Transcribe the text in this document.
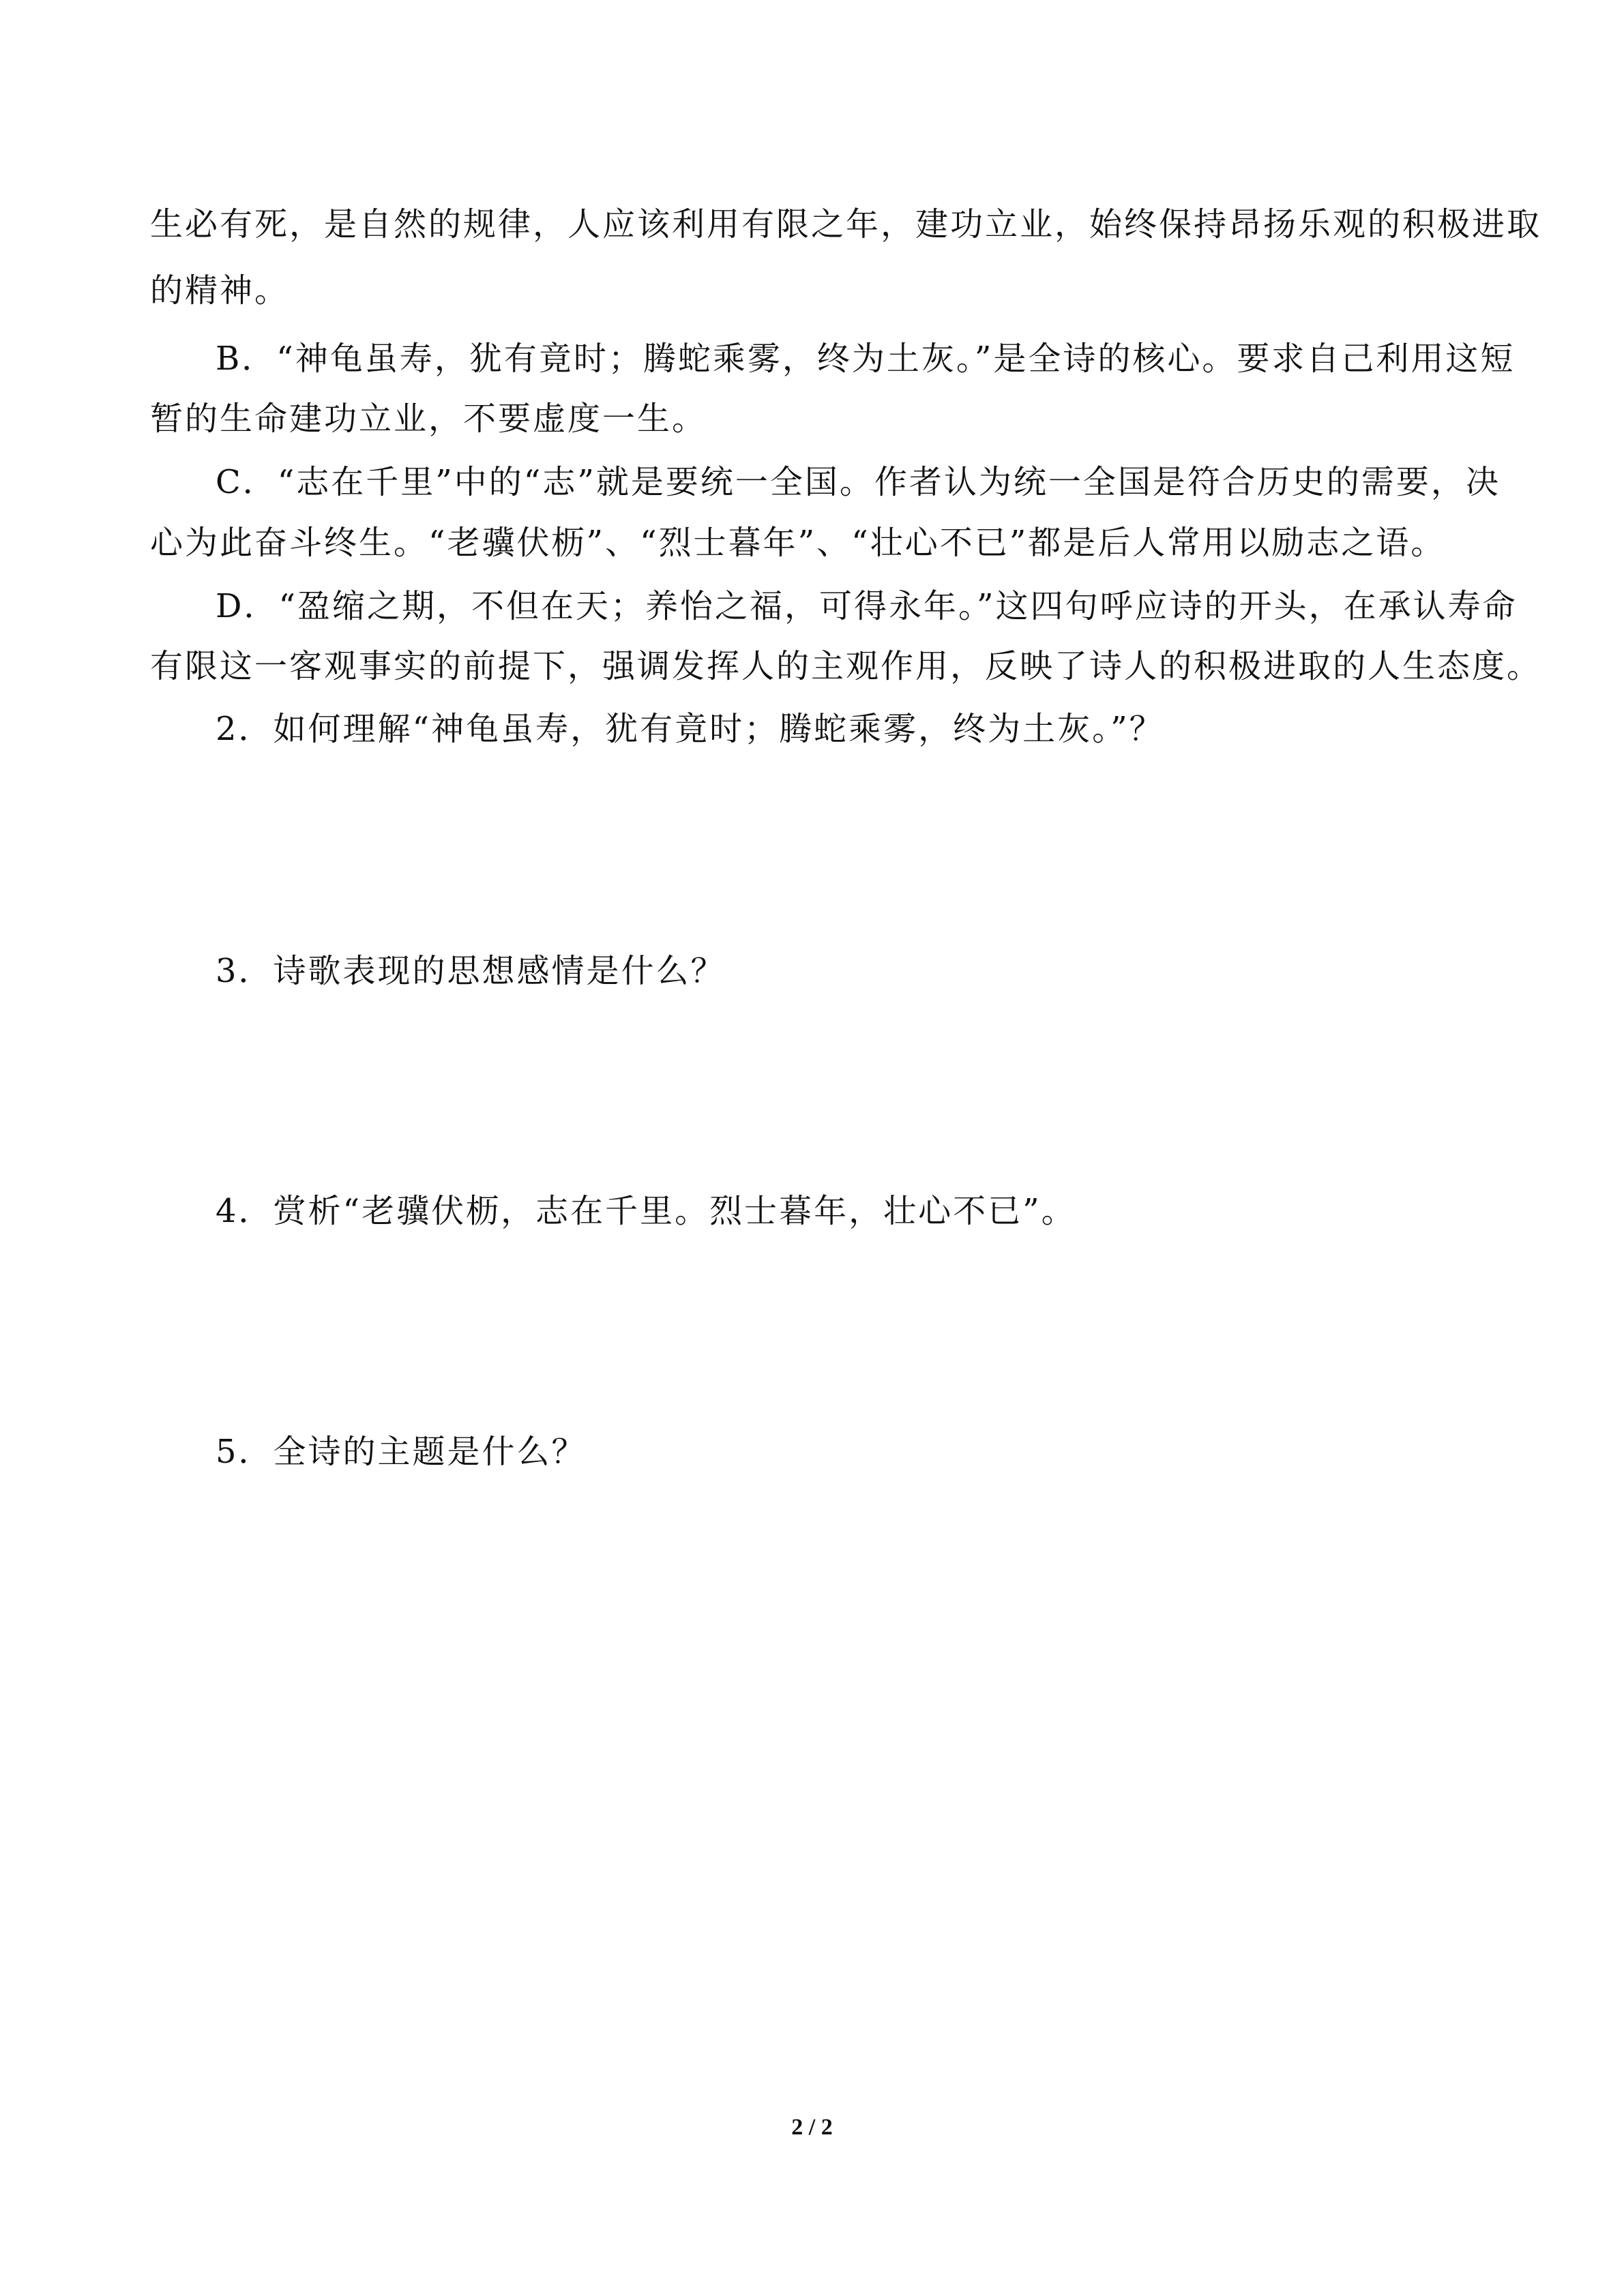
生必有死，是自然的规律，人应该利用有限之年，建功立业，始终保持昂扬乐观的积极进取
的精神。
B．“神龟虽寿，犹有竟时；腾蛇乘雾，终为土灰。”是全诗的核心。要求自己利用这短
暂的生命建功立业，不要虚度一生。
C．“志在千里”中的“志”就是要统一全国。作者认为统一全国是符合历史的需要，决
心为此奋斗终生。“老骥伏枥”、“烈士暮年”、“壮心不已”都是后人常用以励志之语。
D．“盈缩之期，不但在天；养怡之福，可得永年。”这四句呼应诗的开头，在承认寿命
有限这一客观事实的前提下，强调发挥人的主观作用，反映了诗人的积极进取的人生态度。
2．如何理解“神龟虽寿，犹有竟时；腾蛇乘雾，终为土灰。”？
3．诗歌表现的思想感情是什么？
4．赏析“老骥伏枥，志在千里。烈士暮年，壮心不已”。
5．全诗的主题是什么？
2 / 2
